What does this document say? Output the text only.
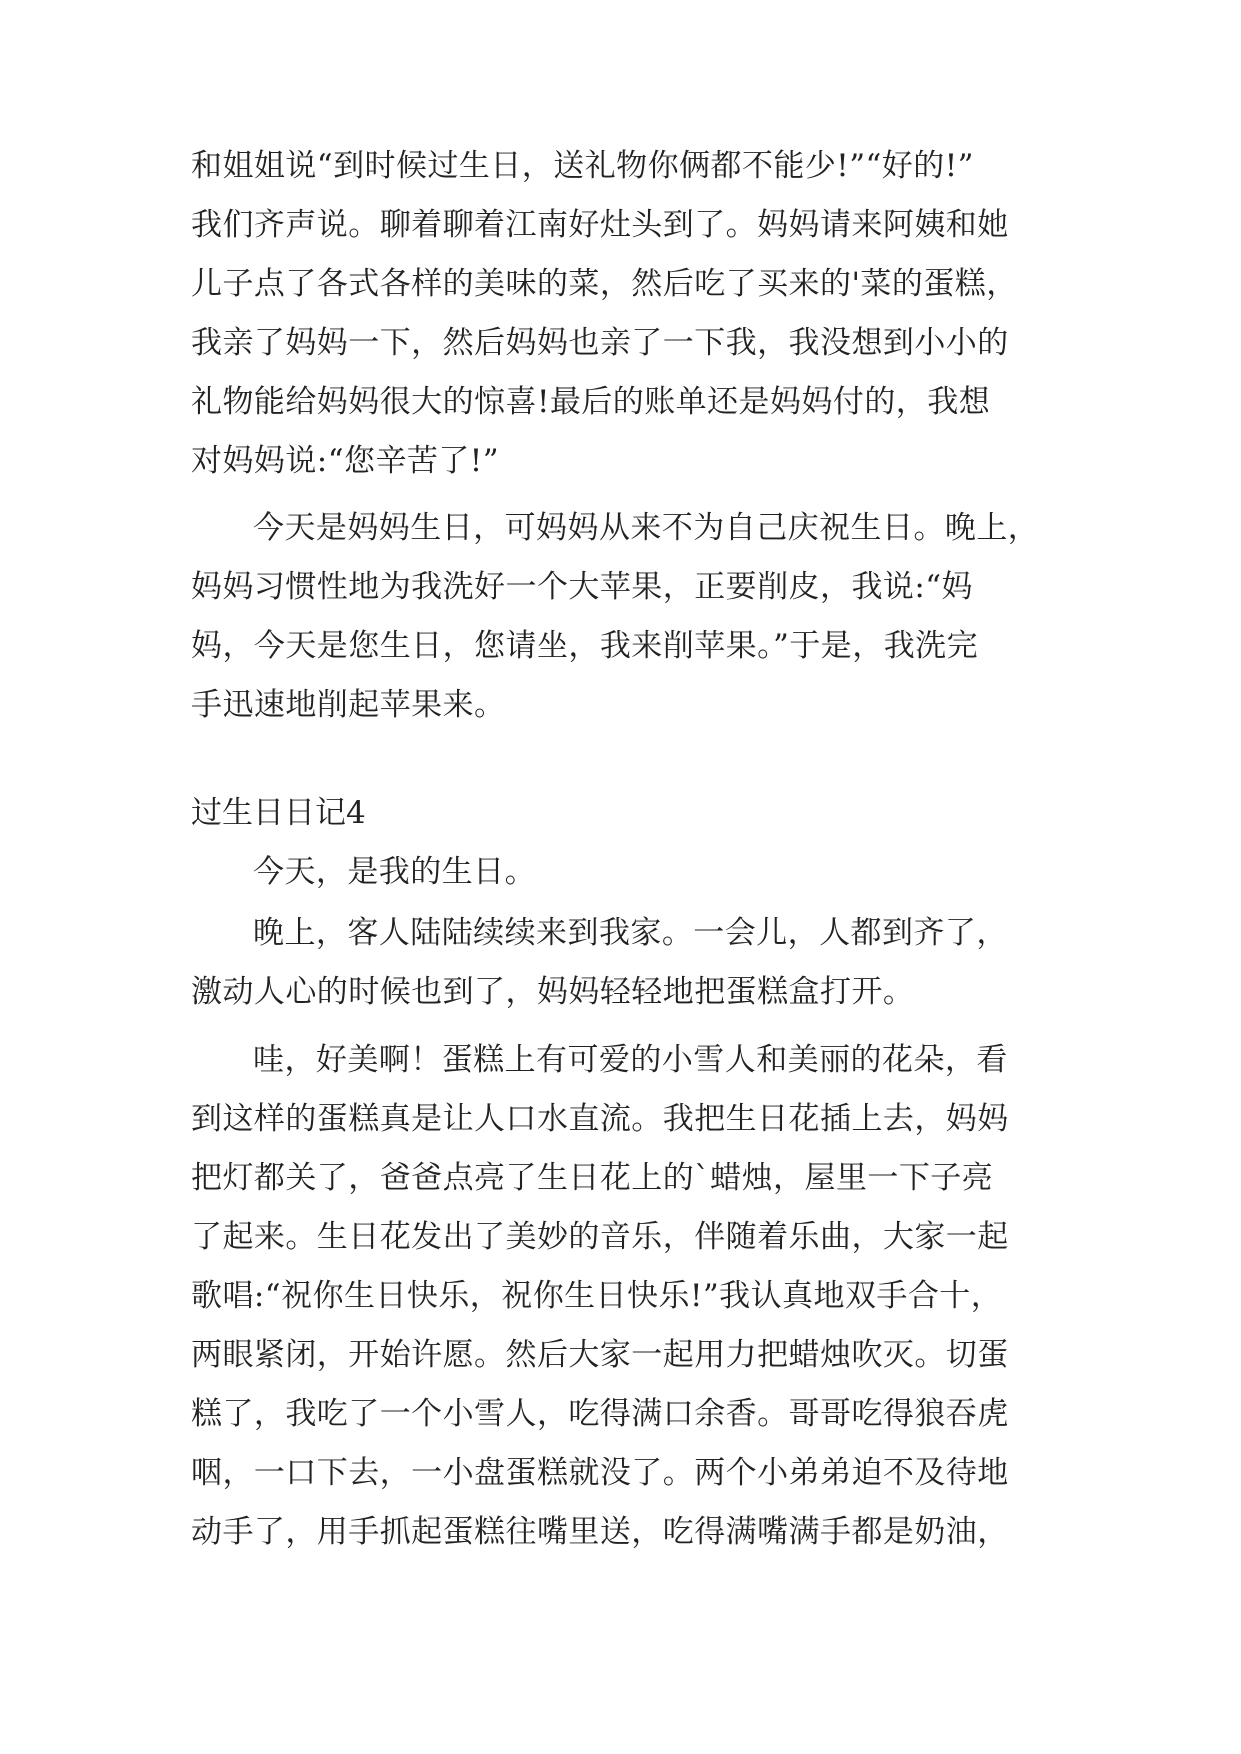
和姐姐说“到时候过生日，送礼物你俩都不能少!”“好的!”
我们齐声说。聊着聊着江南好灶头到了。妈妈请来阿姨和她
儿子点了各式各样的美味的菜，然后吃了买来的'菜的蛋糕，
我亲了妈妈一下，然后妈妈也亲了一下我，我没想到小小的
礼物能给妈妈很大的惊喜!最后的账单还是妈妈付的，我想
对妈妈说:“您辛苦了!”
今天是妈妈生日，可妈妈从来不为自己庆祝生日。晚上，
妈妈习惯性地为我洗好一个大苹果，正要削皮，我说:“妈
妈，今天是您生日，您请坐，我来削苹果。”于是，我洗完
手迅速地削起苹果来。
过生日日记4
今天，是我的生日。
晚上，客人陆陆续续来到我家。一会儿，人都到齐了，
激动人心的时候也到了，妈妈轻轻地把蛋糕盒打开。
哇，好美啊！蛋糕上有可爱的小雪人和美丽的花朵，看
到这样的蛋糕真是让人口水直流。我把生日花插上去，妈妈
把灯都关了，爸爸点亮了生日花上的`蜡烛，屋里一下子亮
了起来。生日花发出了美妙的音乐，伴随着乐曲，大家一起
歌唱:“祝你生日快乐，祝你生日快乐!”我认真地双手合十，
两眼紧闭，开始许愿。然后大家一起用力把蜡烛吹灭。切蛋
糕了，我吃了一个小雪人，吃得满口余香。哥哥吃得狼吞虎
咽，一口下去，一小盘蛋糕就没了。两个小弟弟迫不及待地
动手了，用手抓起蛋糕往嘴里送，吃得满嘴满手都是奶油，
